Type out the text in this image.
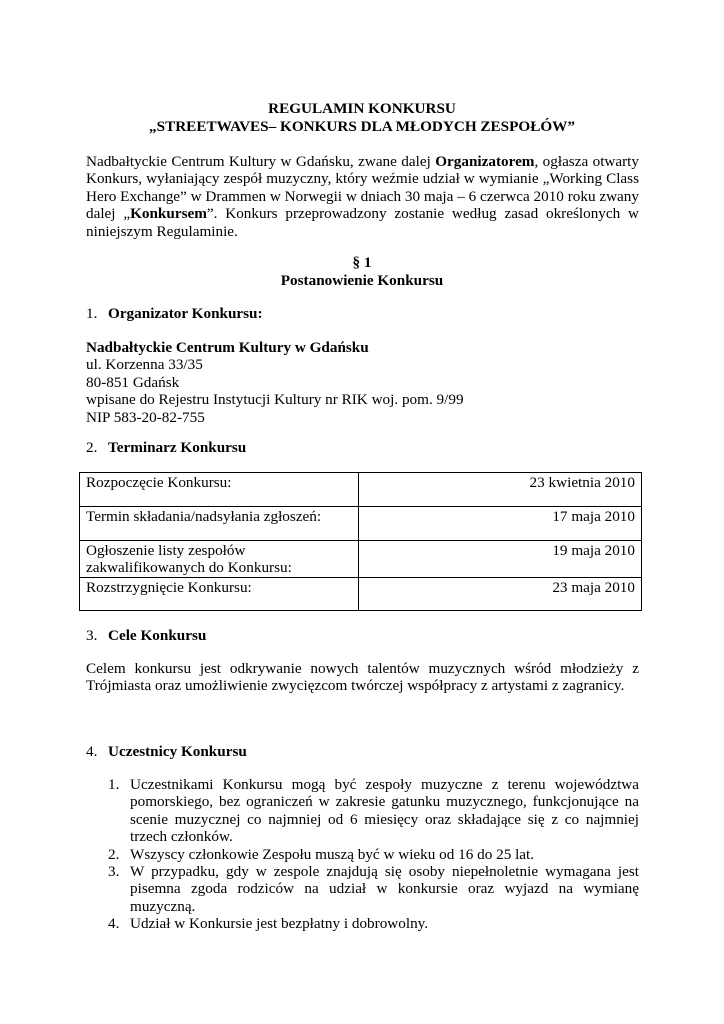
REGULAMIN KONKURSU
„STREETWAVES– KONKURS DLA MŁODYCH ZESPOŁÓW”
Nadbałtyckie Centrum Kultury w Gdańsku, zwane dalej Organizatorem, ogłasza otwarty Konkurs, wyłaniający zespół muzyczny, który weźmie udział w wymianie „Working Class Hero Exchange” w Drammen w Norwegii w dniach 30 maja – 6 czerwca 2010 roku zwany dalej „Konkursem”. Konkurs przeprowadzony zostanie według zasad określonych w niniejszym Regulaminie.
§ 1
Postanowienie Konkursu
1. Organizator Konkursu:
Nadbałtyckie Centrum Kultury w Gdańsku
ul. Korzenna 33/35
80-851 Gdańsk
wpisane do Rejestru Instytucji Kultury nr RIK woj. pom. 9/99
NIP 583-20-82-755
2. Terminarz Konkursu
Rozpoczęcie Konkursu:	23 kwietnia 2010
Termin składania/nadsyłania zgłoszeń:	17 maja 2010
Ogłoszenie listy zespołów zakwalifikowanych do Konkursu:	19 maja 2010
Rozstrzygnięcie Konkursu:	23 maja 2010
3. Cele Konkursu
Celem konkursu jest odkrywanie nowych talentów muzycznych wśród młodzieży z Trójmiasta oraz umożliwienie zwycięzcom twórczej współpracy z artystami z zagranicy.
4. Uczestnicy Konkursu
1. Uczestnikami Konkursu mogą być zespoły muzyczne z terenu województwa pomorskiego, bez ograniczeń w zakresie gatunku muzycznego, funkcjonujące na scenie muzycznej co najmniej od 6 miesięcy oraz składające się z co najmniej trzech członków.
2. Wszyscy członkowie Zespołu muszą być w wieku od 16 do 25 lat.
3. W przypadku, gdy w zespole znajdują się osoby niepełnoletnie wymagana jest pisemna zgoda rodziców na udział w konkursie oraz wyjazd na wymianę muzyczną.
4. Udział w Konkursie jest bezpłatny i dobrowolny.
